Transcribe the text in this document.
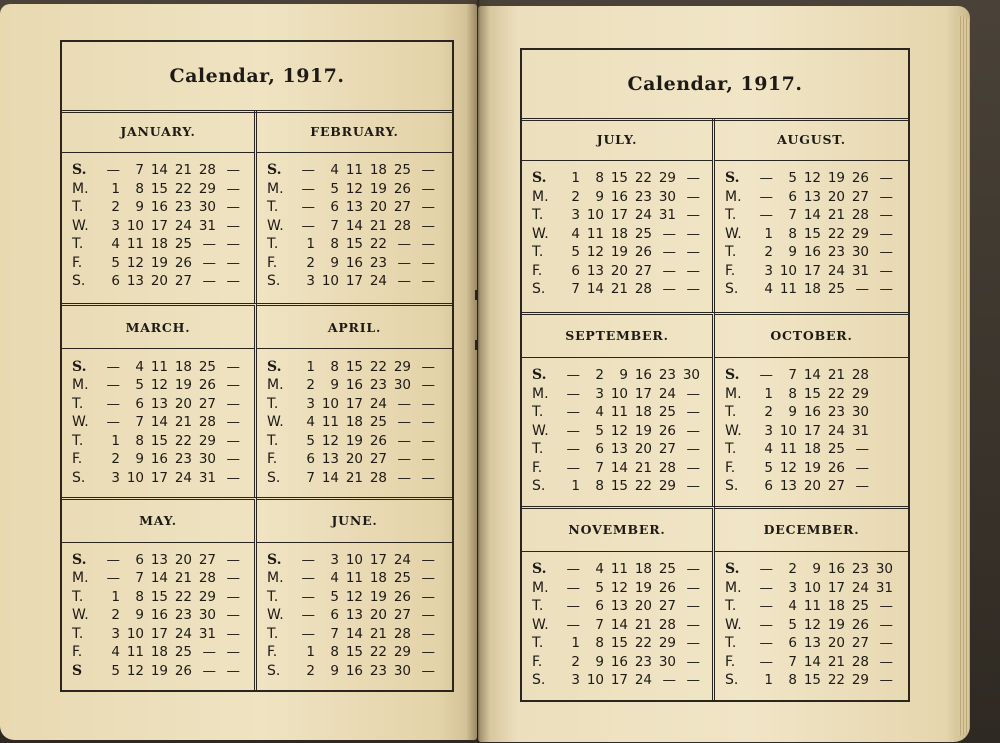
Calendar, 1917.
JANUARY.
S.	—	7 14 21 28 —
M.	1	8 15 22 29 —
T.	2	9 16 23 30 —
W.	3 10 17 24 31 —
T.	4 11 18 25 — —
F.	5 12 19 26 — —
S.	6 13 20 27 — —
FEBRUARY.
S.	—	4 11 18 25 —
M.	—	5 12 19 26 —
T.	—	6 13 20 27 —
W.	—	7 14 21 28 —
T.	1	8 15 22 — —
F.	2	9 16 23 — —
S.	3 10 17 24 — —
MARCH.
S.	—	4 11 18 25 —
M.	—	5 12 19 26 —
T.	—	6 13 20 27 —
W.	—	7 14 21 28 —
T.	1	8 15 22 29 —
F.	2	9 16 23 30 —
S.	3 10 17 24 31 —
APRIL.
S.	1	8 15 22 29 —
M.	2	9 16 23 30 —
T.	3 10 17 24 — —
W.	4 11 18 25 — —
T.	5 12 19 26 — —
F.	6 13 20 27 — —
S.	7 14 21 28 — —
MAY.
S.	—	6 13 20 27 —
M.	—	7 14 21 28 —
T.	1	8 15 22 29 —
W.	2	9 16 23 30 —
T.	3 10 17 24 31 —
F.	4 11 18 25 — —
S	5 12 19 26 — —
JUNE.
S.	—	3 10 17 24 —
M.	—	4 11 18 25 —
T.	—	5 12 19 26 —
W.	—	6 13 20 27 —
T.	—	7 14 21 28 —
F.	1	8 15 22 29 —
S.	2	9 16 23 30 —
Calendar, 1917.
JULY.
S.	1	8 15 22 29 —
M.	2	9 16 23 30 —
T.	3 10 17 24 31 —
W.	4 11 18 25 — —
T.	5 12 19 26 — —
F.	6 13 20 27 — —
S.	7 14 21 28 — —
AUGUST.
S.	—	5 12 19 26 —
M.	—	6 13 20 27 —
T.	—	7 14 21 28 —
W.	1	8 15 22 29 —
T.	2	9 16 23 30 —
F.	3 10 17 24 31 —
S.	4 11 18 25 — —
SEPTEMBER.
S.	—	2	9 16 23 30
M.	—	3 10 17 24 —
T.	—	4 11 18 25 —
W.	—	5 12 19 26 —
T.	—	6 13 20 27 —
F.	—	7 14 21 28 —
S.	1	8 15 22 29 —
OCTOBER.
S.	—	7 14 21 28
M.	1	8 15 22 29
T.	2	9 16 23 30
W.	3 10 17 24 31
T.	4 11 18 25 —
F.	5 12 19 26 —
S.	6 13 20 27 —
NOVEMBER.
S.	—	4 11 18 25 —
M.	—	5 12 19 26 —
T.	—	6 13 20 27 —
W.	—	7 14 21 28 —
T.	1	8 15 22 29 —
F.	2	9 16 23 30 —
S.	3 10 17 24 — —
DECEMBER.
S.	—	2	9 16 23 30
M.	—	3 10 17 24 31
T.	—	4 11 18 25 —
W.	—	5 12 19 26 —
T.	—	6 13 20 27 —
F.	—	7 14 21 28 —
S.	1	8 15 22 29 —
